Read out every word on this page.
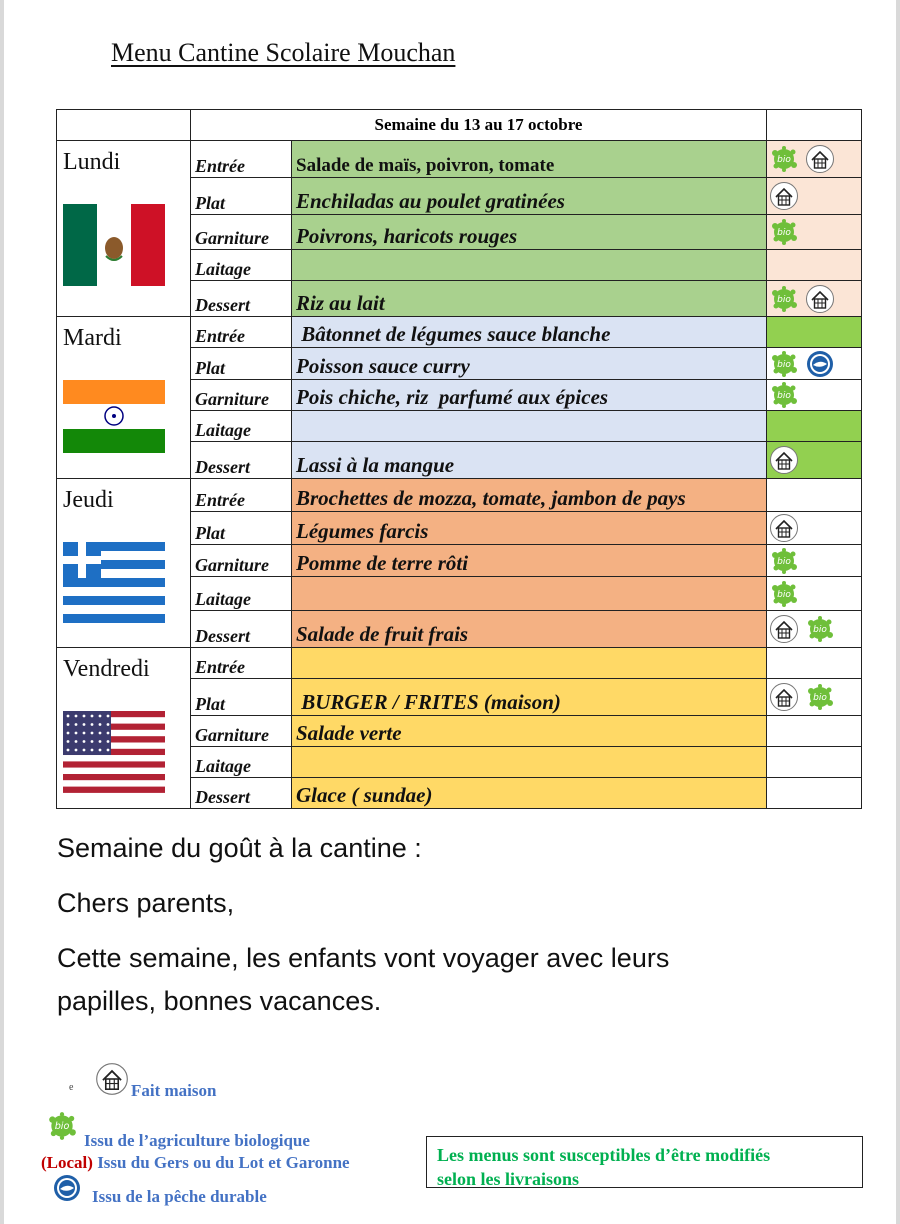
Menu Cantine Scolaire Mouchan
	Semaine du 13 au 17 octobre		

Lundi	Entrée	Salade de maïs, poivron, tomate	bio

	Plat	Enchiladas au poulet gratinées	
	Garniture	Poivrons, haricots rouges	bio

	Laitage		
	Dessert	Riz au lait	bio

Mardi	Entrée	Bâtonnet de légumes sauce blanche	
	Plat	Poisson sauce curry	bio

	Garniture	Pois chiche, riz  parfumé aux épices	bio

	Laitage		
	Dessert	Lassi à la mangue	

Jeudi	Entrée	Brochettes de mozza, tomate, jambon de pays	
	Plat	Légumes farcis	
	Garniture	Pomme de terre rôti	bio

	Laitage		bio

	Dessert	Salade de fruit frais	bio

Vendredi	Entrée		
	Plat	BURGER / FRITES (maison)	bio

	Garniture	Salade verte	
	Laitage		
	Dessert	Glace ( sundae)	
Semaine du goût à la cantine :
Chers parents,
Cette semaine, les enfants vont voyager avec leurs
papilles, bonnes vacances.
e	Fait maison
bio
Issu de l’agriculture biologique
(Local) Issu du Gers ou du Lot et Garonne
Issu de la pêche durable
Les menus sont susceptibles d’être modifiés
selon les livraisons
